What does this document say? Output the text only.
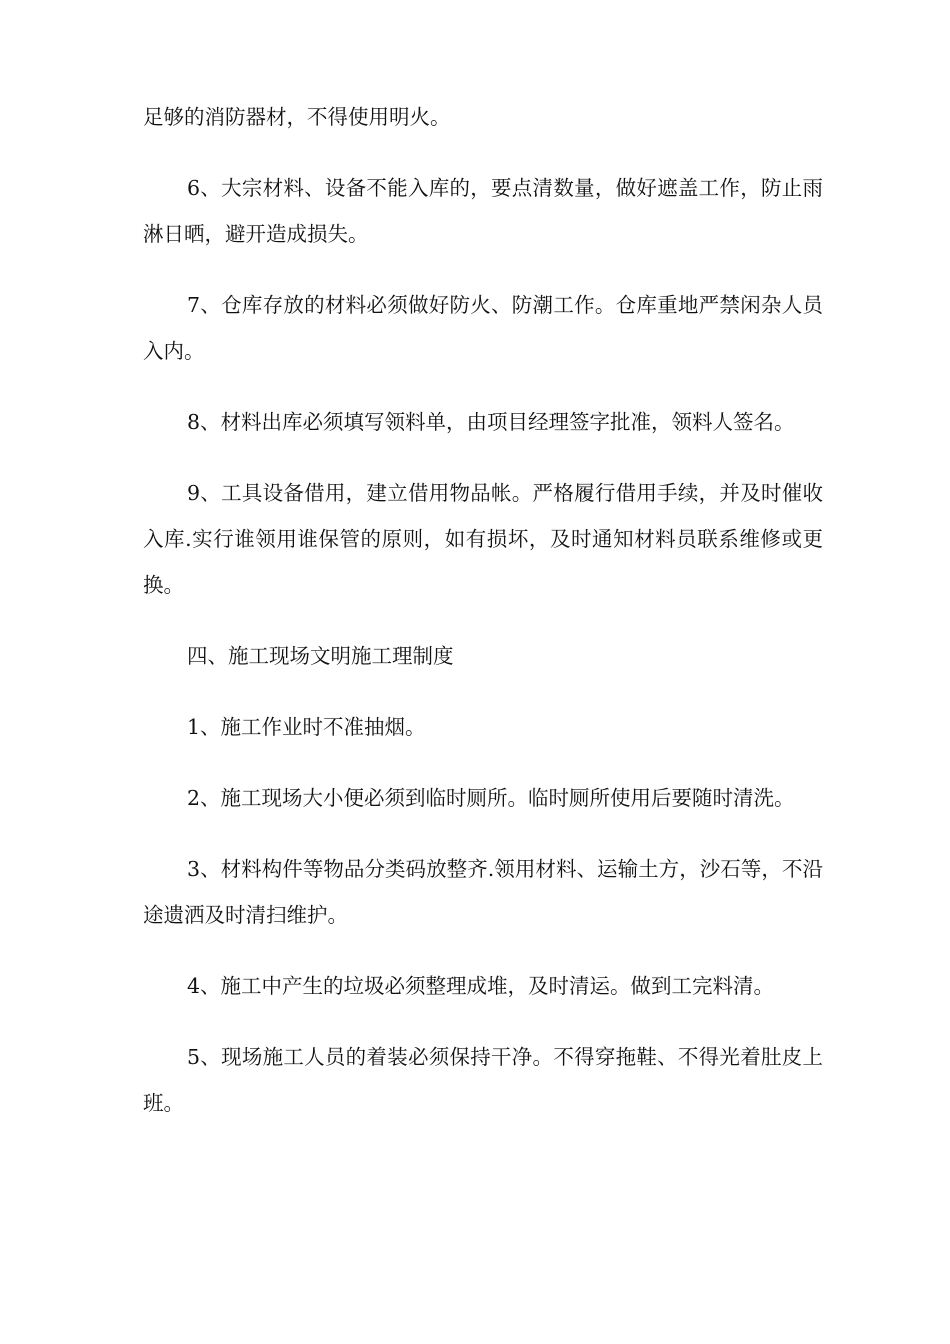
足够的消防器材，不得使用明火。

6、大宗材料、设备不能入库的，要点清数量，做好遮盖工作，防止雨淋日晒，避开造成损失。

7、仓库存放的材料必须做好防火、防潮工作。仓库重地严禁闲杂人员入内。

8、材料出库必须填写领料单，由项目经理签字批准，领料人签名。

9、工具设备借用，建立借用物品帐。严格履行借用手续，并及时催收入库.实行谁领用谁保管的原则，如有损坏，及时通知材料员联系维修或更换。

四、施工现场文明施工理制度

1、施工作业时不准抽烟。

2、施工现场大小便必须到临时厕所。临时厕所使用后要随时清洗。

3、材料构件等物品分类码放整齐.领用材料、运输土方，沙石等，不沿途遗洒及时清扫维护。

4、施工中产生的垃圾必须整理成堆，及时清运。做到工完料清。

5、现场施工人员的着装必须保持干净。不得穿拖鞋、不得光着肚皮上班。
